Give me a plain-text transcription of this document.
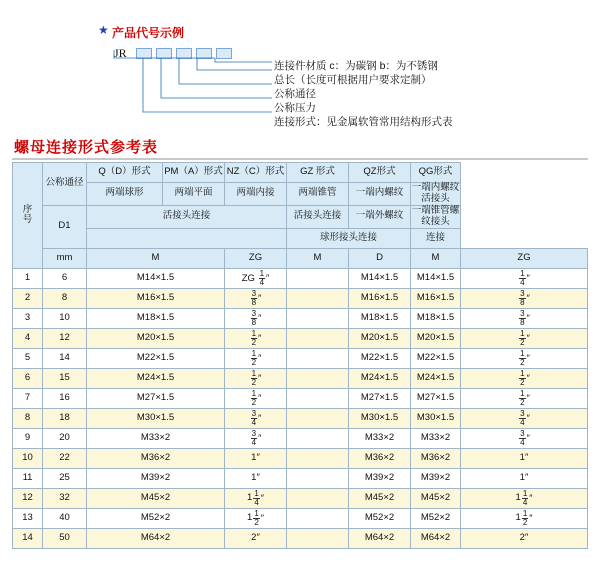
★ 产品代号示例
JR
连接件材质 c：为碳钢 b：为不锈钢
总长（长度可根据用户要求定制）
公称通径
公称压力
连接形式：见金属软管常用结构形式表
螺母连接形式参考表
序
号	公称通径	Q（D）形式	PM（A）形式	NZ（C）形式	GZ 形式	QZ形式	QG形式	
		两端球形	两端平面	两端内接	两端锥管	一端内螺纹	一端内螺纹活接头	
	D1	活接头连接			活接头连接	一端外螺纹	一端锥管螺纹接头	
					球形接头连接		连接	
	mm	M		ZG	M	D	M	ZG
1	6	M14×1.5		ZG $\frac{1}{4}$ ″		M14×1.5	M14×1.5	$\frac{1}{4}$ ″
2	8	M16×1.5		$\frac{3}{8}$ ″		M16×1.5	M16×1.5	$\frac{3}{8}$ ″
3	10	M18×1.5		$\frac{3}{8}$ ″		M18×1.5	M18×1.5	$\frac{3}{8}$ ″
4	12	M20×1.5		$\frac{1}{2}$ ″		M20×1.5	M20×1.5	$\frac{1}{2}$ ″
5	14	M22×1.5		$\frac{1}{2}$ ″		M22×1.5	M22×1.5	$\frac{1}{2}$ ″
6	15	M24×1.5		$\frac{1}{2}$ ″		M24×1.5	M24×1.5	$\frac{1}{2}$ ″
7	16	M27×1.5		$\frac{1}{2}$ ″		M27×1.5	M27×1.5	$\frac{1}{2}$ ″
8	18	M30×1.5		$\frac{3}{4}$ ″		M30×1.5	M30×1.5	$\frac{3}{4}$ ″
9	20	M33×2		$\frac{3}{4}$ ″		M33×2	M33×2	$\frac{3}{4}$ ″
10	22	M36×2		1″		M36×2	M36×2	1″
11	25	M39×2		1″		M39×2	M39×2	1″
12	32	M45×2		$1 \frac{1}{4}$ ″		M45×2	M45×2	$1 \frac{1}{4}$ ″
13	40	M52×2		$1 \frac{1}{2}$ ″		M52×2	M52×2	$1 \frac{1}{2}$ ″
14	50	M64×2		2″		M64×2	M64×2	2″
